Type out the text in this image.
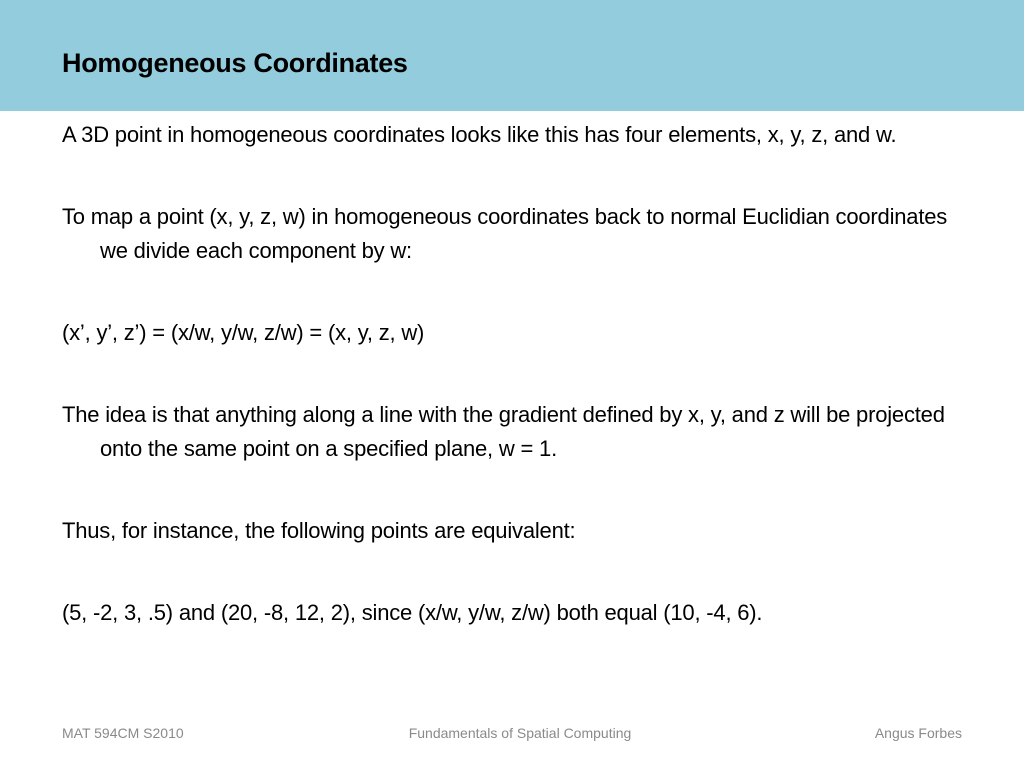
Homogeneous Coordinates

A 3D point in homogeneous coordinates looks like this has four elements, x, y, z, and w.

To map a point (x, y, z, w) in homogeneous coordinates back to normal Euclidian coordinates we divide each component by w:

(x’, y’, z’) = (x/w, y/w, z/w) = (x, y, z, w)

The idea is that anything along a line with the gradient defined by x, y, and z will be projected onto the same point on a specified plane, w = 1.

Thus, for instance, the following points are equivalent:

(5, -2, 3, .5) and (20, -8, 12, 2), since (x/w, y/w, z/w) both equal (10, -4, 6).

MAT 594CM S2010	Fundamentals of Spatial Computing	Angus Forbes
